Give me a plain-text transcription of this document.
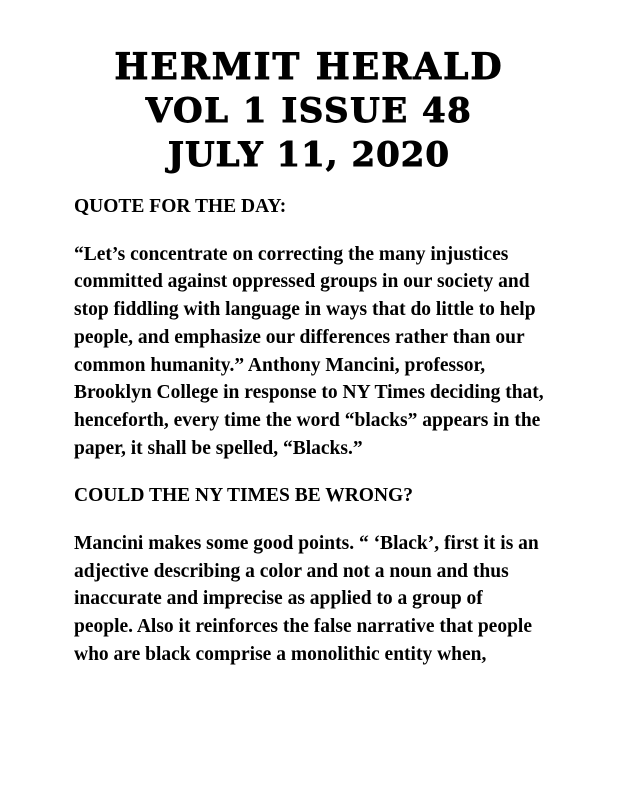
HERMIT HERALD
VOL 1 ISSUE 48
JULY 11, 2020
QUOTE FOR THE DAY:

“Let’s concentrate on correcting the many injustices committed against oppressed groups in our society and stop fiddling with language in ways that do little to help people, and emphasize our differences rather than our common humanity.” Anthony Mancini, professor, Brooklyn College in response to NY Times deciding that, henceforth, every time the word “blacks” appears in the paper, it shall be spelled, “Blacks.”

COULD THE NY TIMES BE WRONG?

Mancini makes some good points. “ ‘Black’, first it is an adjective describing a color and not a noun and thus inaccurate and imprecise as applied to a group of people. Also it reinforces the false narrative that people who are black comprise a monolithic entity when,
